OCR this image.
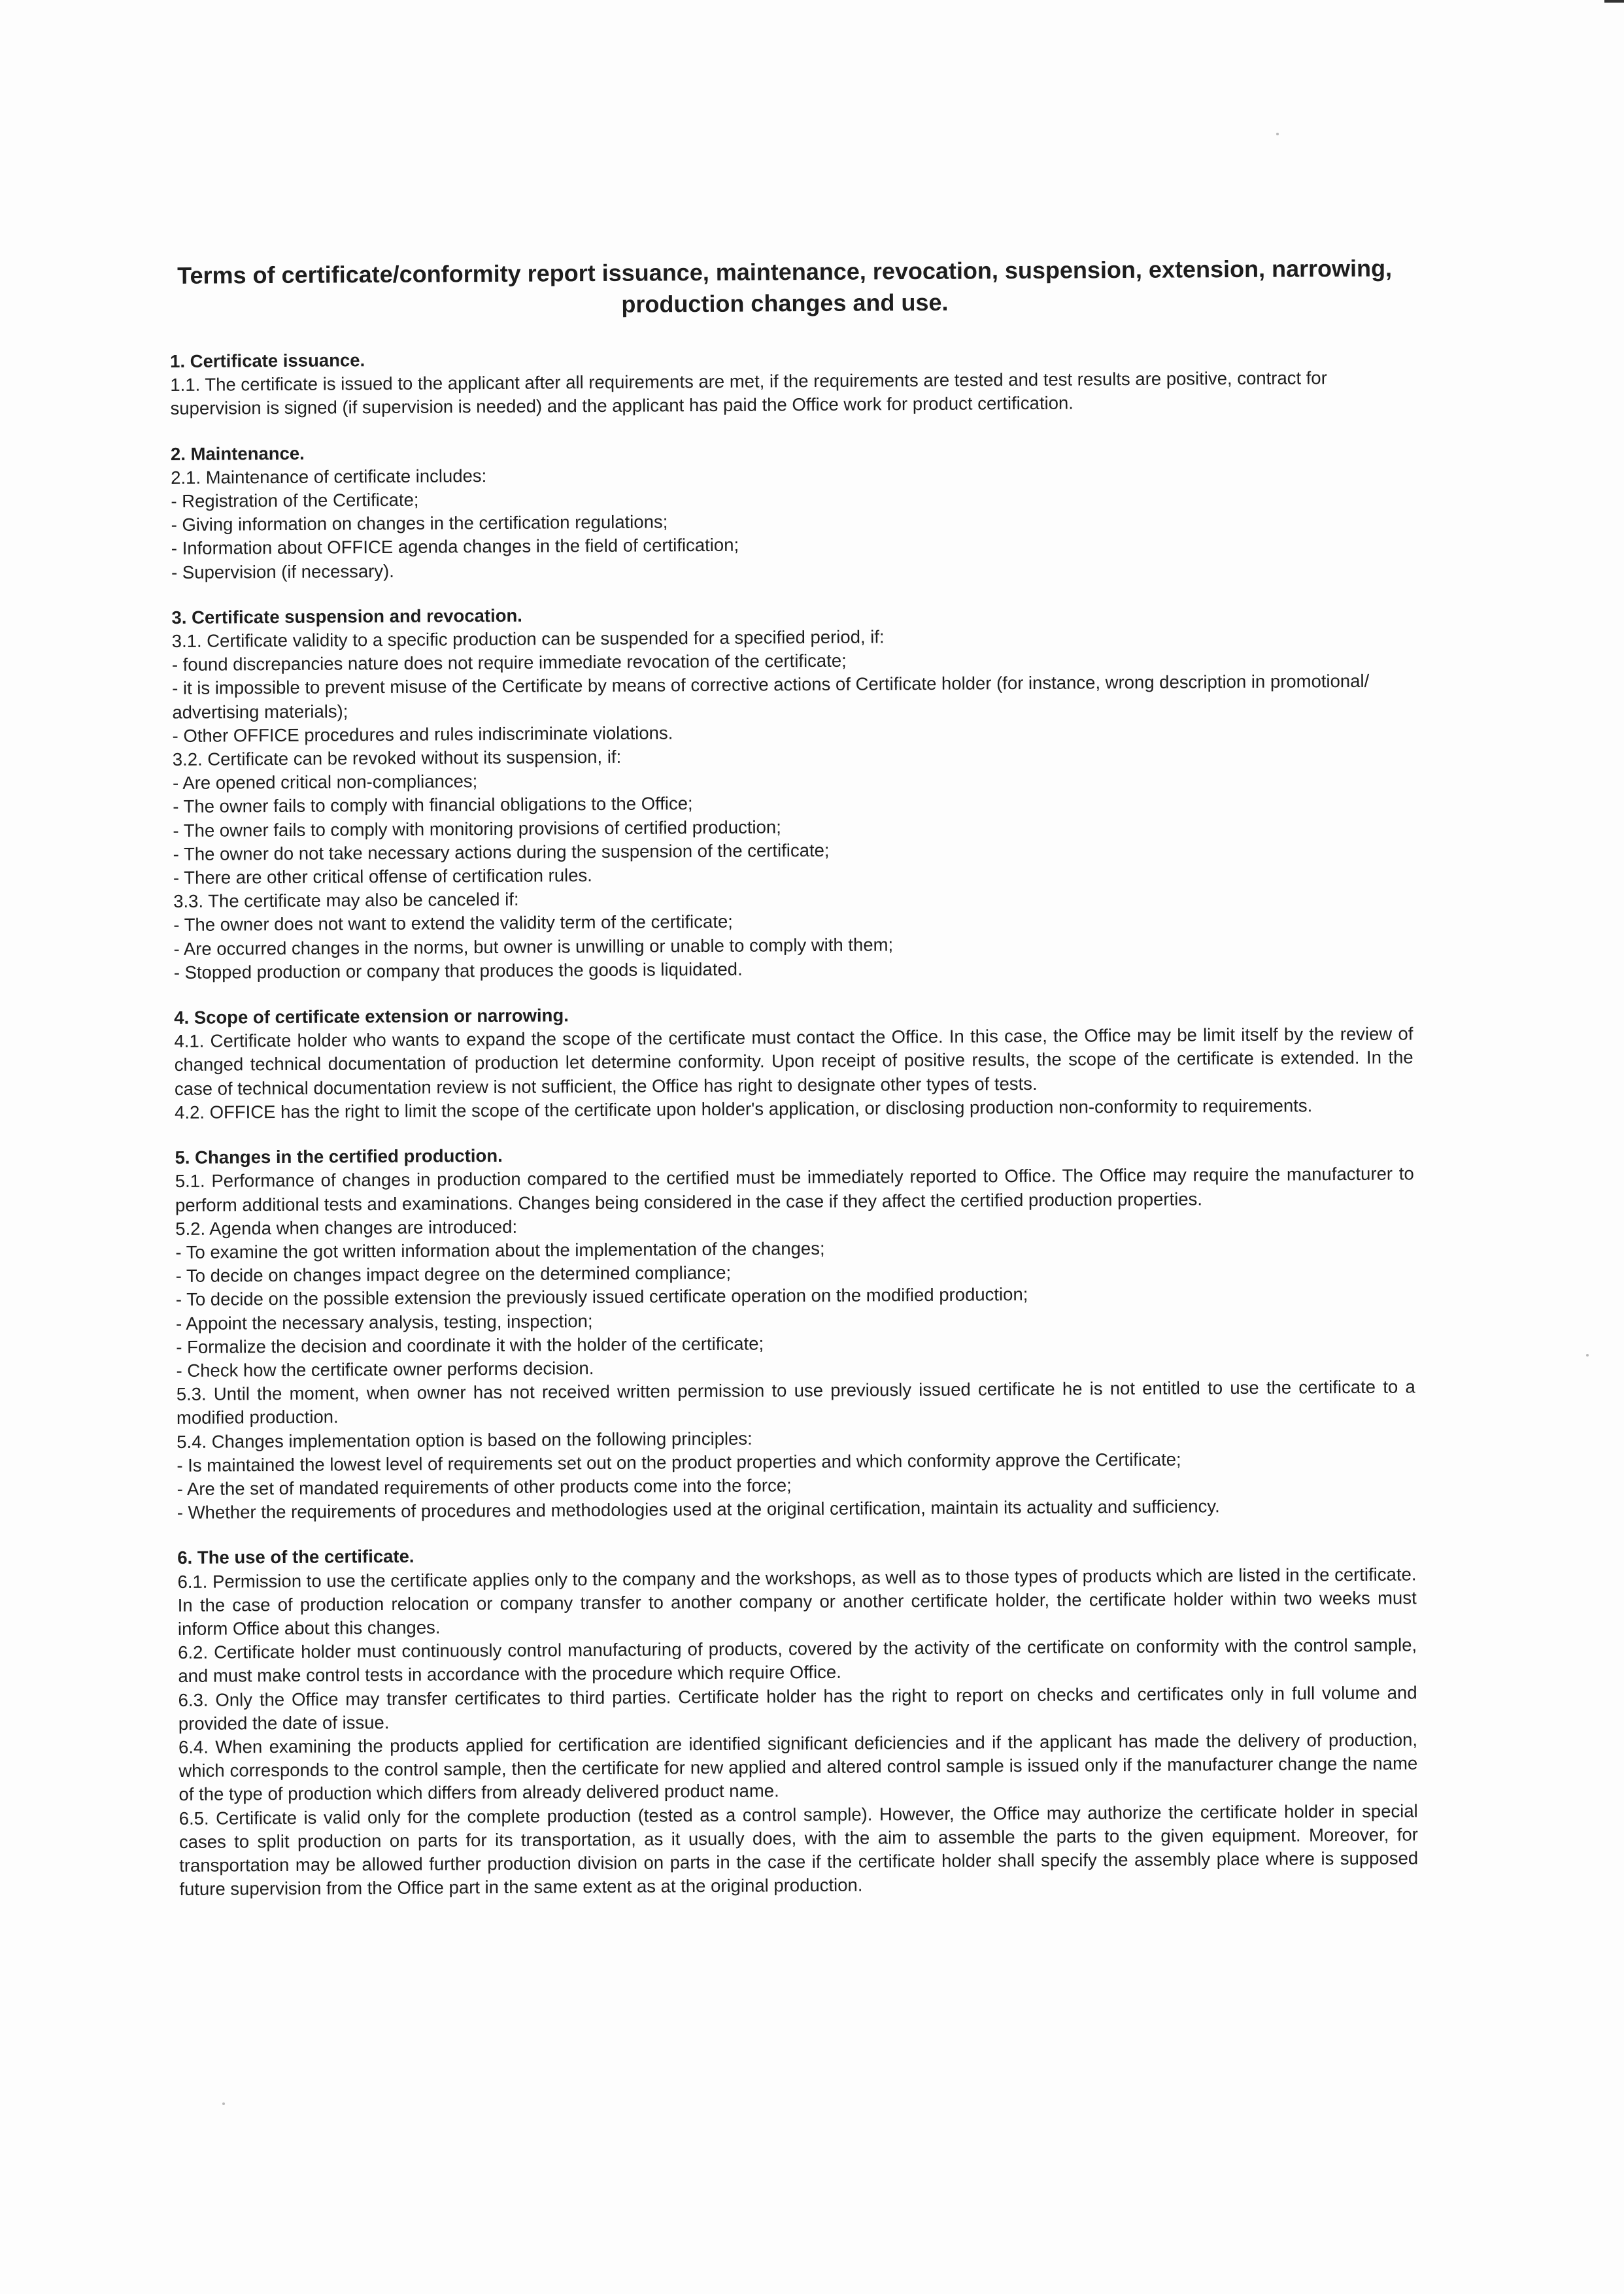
Terms of certificate/conformity report issuance, maintenance, revocation, suspension, extension, narrowing, production changes and use.
1. Certificate issuance.
1.1. The certificate is issued to the applicant after all requirements are met, if the requirements are tested and test results are positive, contract for supervision is signed (if supervision is needed) and the applicant has paid the Office work for product certification.
2. Maintenance.
2.1. Maintenance of certificate includes:
- Registration of the Certificate;
- Giving information on changes in the certification regulations;
- Information about OFFICE agenda changes in the field of certification;
- Supervision (if necessary).
3. Certificate suspension and revocation.
3.1. Certificate validity to a specific production can be suspended for a specified period, if:
- found discrepancies nature does not require immediate revocation of the certificate;
- it is impossible to prevent misuse of the Certificate by means of corrective actions of Certificate holder (for instance, wrong description in promotional/ advertising materials);
- Other OFFICE procedures and rules indiscriminate violations.
3.2. Certificate can be revoked without its suspension, if:
- Are opened critical non-compliances;
- The owner fails to comply with financial obligations to the Office;
- The owner fails to comply with monitoring provisions of certified production;
- The owner do not take necessary actions during the suspension of the certificate;
- There are other critical offense of certification rules.
3.3. The certificate may also be canceled if:
- The owner does not want to extend the validity term of the certificate;
- Are occurred changes in the norms, but owner is unwilling or unable to comply with them;
- Stopped production or company that produces the goods is liquidated.
4. Scope of certificate extension or narrowing.
4.1. Certificate holder who wants to expand the scope of the certificate must contact the Office. In this case, the Office may be limit itself by the review of changed technical documentation of production let determine conformity. Upon receipt of positive results, the scope of the certificate is extended. In the case of technical documentation review is not sufficient, the Office has right to designate other types of tests.
4.2. OFFICE has the right to limit the scope of the certificate upon holder's application, or disclosing production non-conformity to requirements.
5. Changes in the certified production.
5.1. Performance of changes in production compared to the certified must be immediately reported to Office. The Office may require the manufacturer to perform additional tests and examinations. Changes being considered in the case if they affect the certified production properties.
5.2. Agenda when changes are introduced:
- To examine the got written information about the implementation of the changes;
- To decide on changes impact degree on the determined compliance;
- To decide on the possible extension the previously issued certificate operation on the modified production;
- Appoint the necessary analysis, testing, inspection;
- Formalize the decision and coordinate it with the holder of the certificate;
- Check how the certificate owner performs decision.
5.3. Until the moment, when owner has not received written permission to use previously issued certificate he is not entitled to use the certificate to a modified production.
5.4. Changes implementation option is based on the following principles:
- Is maintained the lowest level of requirements set out on the product properties and which conformity approve the Certificate;
- Are the set of mandated requirements of other products come into the force;
- Whether the requirements of procedures and methodologies used at the original certification, maintain its actuality and sufficiency.
6. The use of the certificate.
6.1. Permission to use the certificate applies only to the company and the workshops, as well as to those types of products which are listed in the certificate. In the case of production relocation or company transfer to another company or another certificate holder, the certificate holder within two weeks must inform Office about this changes.
6.2. Certificate holder must continuously control manufacturing of products, covered by the activity of the certificate on conformity with the control sample, and must make control tests in accordance with the procedure which require Office.
6.3. Only the Office may transfer certificates to third parties. Certificate holder has the right to report on checks and certificates only in full volume and provided the date of issue.
6.4. When examining the products applied for certification are identified significant deficiencies and if the applicant has made the delivery of production, which corresponds to the control sample, then the certificate for new applied and altered control sample is issued only if the manufacturer change the name of the type of production which differs from already delivered product name.
6.5. Certificate is valid only for the complete production (tested as a control sample). However, the Office may authorize the certificate holder in special cases to split production on parts for its transportation, as it usually does, with the aim to assemble the parts to the given equipment. Moreover, for transportation may be allowed further production division on parts in the case if the certificate holder shall specify the assembly place where is supposed future supervision from the Office part in the same extent as at the original production.
